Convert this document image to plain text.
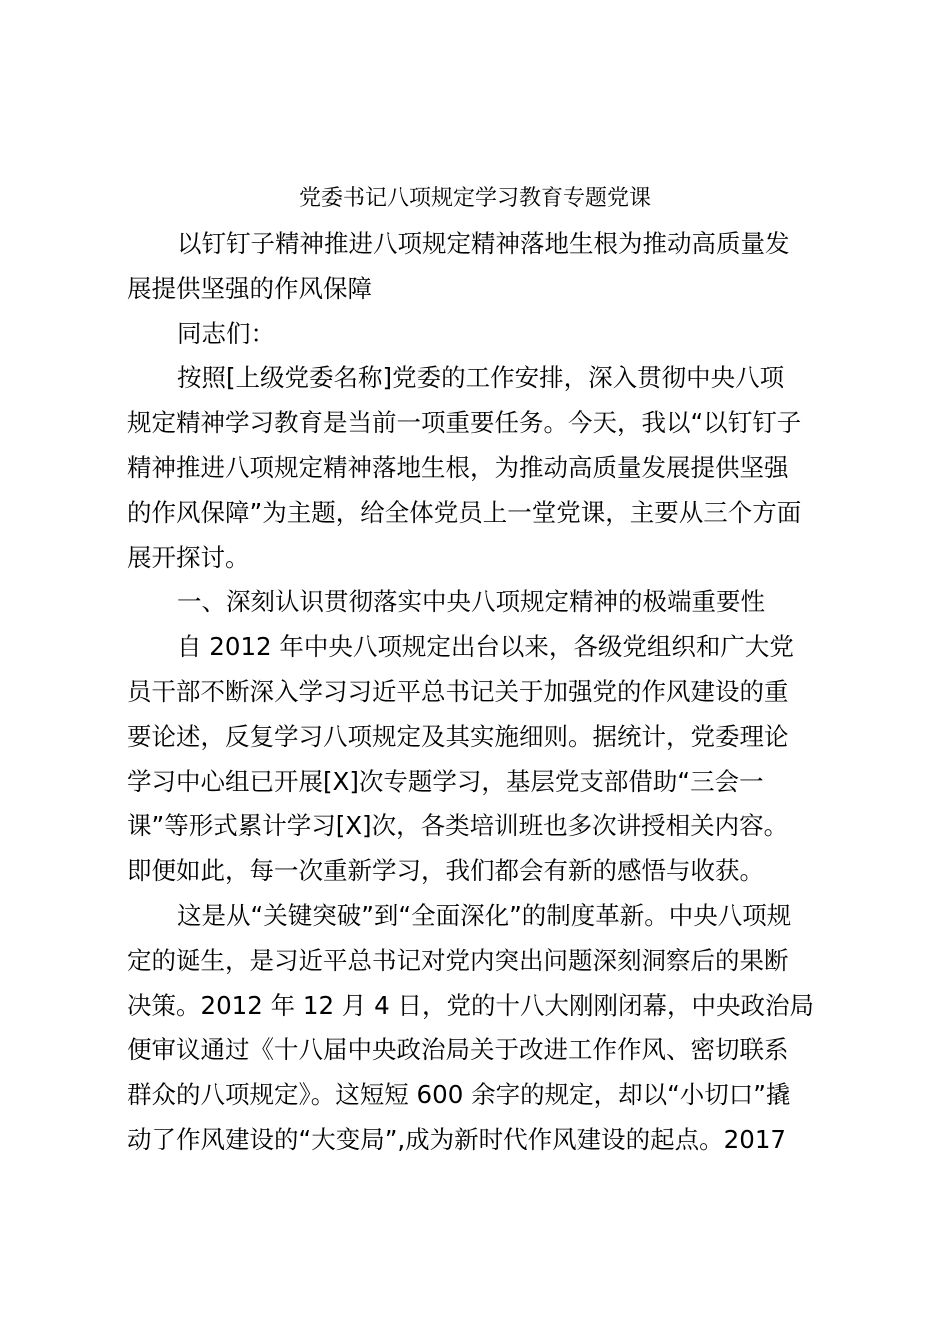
党委书记八项规定学习教育专题党课
以钉钉子精神推进八项规定精神落地生根为推动高质量发
展提供坚强的作风保障
同志们：
按照[上级党委名称]党委的工作安排，深入贯彻中央八项
规定精神学习教育是当前一项重要任务。今天，我以“以钉钉子
精神推进八项规定精神落地生根，为推动高质量发展提供坚强
的作风保障”为主题，给全体党员上一堂党课，主要从三个方面
展开探讨。
一、深刻认识贯彻落实中央八项规定精神的极端重要性
自 2012 年中央八项规定出台以来，各级党组织和广大党
员干部不断深入学习习近平总书记关于加强党的作风建设的重
要论述，反复学习八项规定及其实施细则。据统计，党委理论
学习中心组已开展[X]次专题学习，基层党支部借助“三会一
课”等形式累计学习[X]次，各类培训班也多次讲授相关内容。
即便如此，每一次重新学习，我们都会有新的感悟与收获。
这是从“关键突破”到“全面深化”的制度革新。中央八项规
定的诞生，是习近平总书记对党内突出问题深刻洞察后的果断
决策。2012 年 12 月 4 日，党的十八大刚刚闭幕，中央政治局
便审议通过《十八届中央政治局关于改进工作作风、密切联系
群众的八项规定》。这短短 600 余字的规定，却以“小切口”撬
动了作风建设的“大变局”,成为新时代作风建设的起点。2017
